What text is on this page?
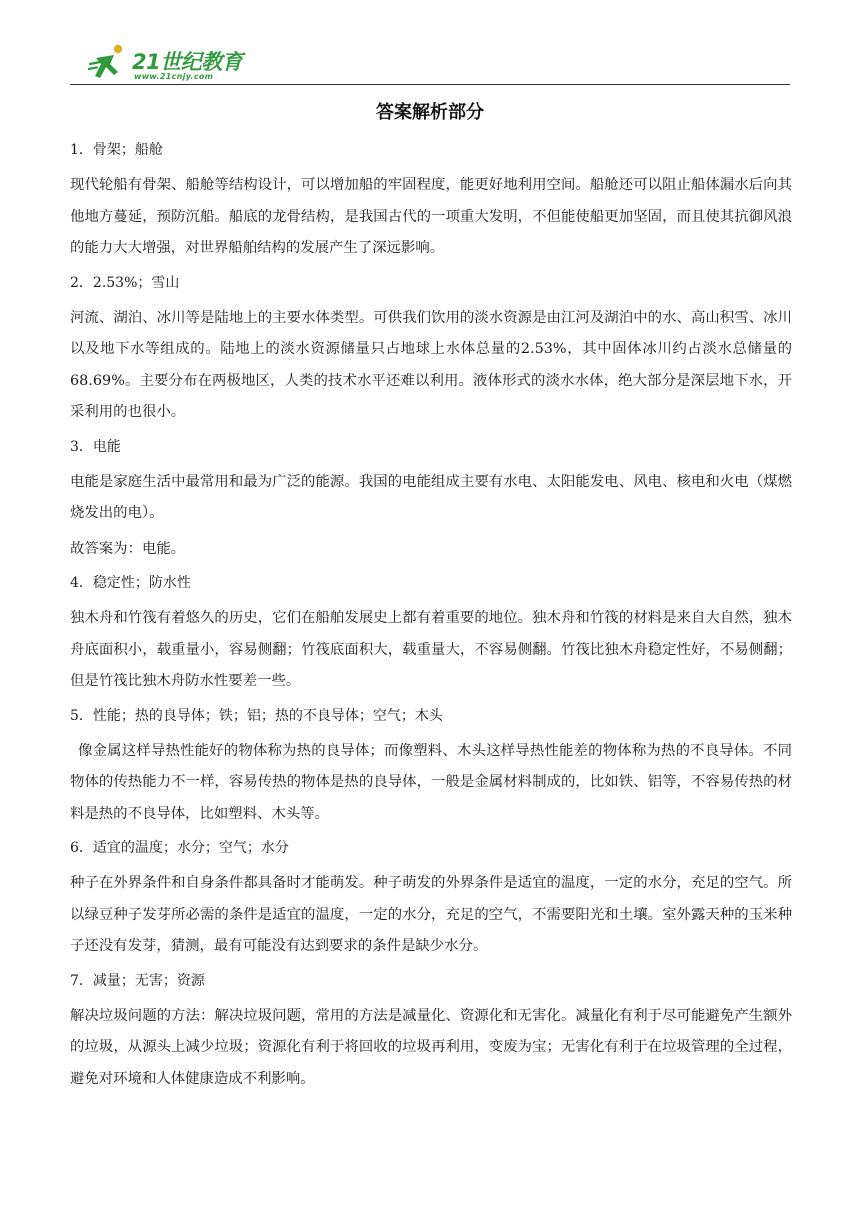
21世纪教育
www.21cnjy.com
答案解析部分
1．骨架；船舱

现代轮船有骨架、船舱等结构设计，可以增加船的牢固程度，能更好地利用空间。船舱还可以阻止船体漏水后向其他地方蔓延，预防沉船。船底的龙骨结构，是我国古代的一项重大发明，不但能使船更加坚固，而且使其抗御风浪的能力大大增强，对世界船舶结构的发展产生了深远影响。

2．2.53%；雪山

河流、湖泊、冰川等是陆地上的主要水体类型。可供我们饮用的淡水资源是由江河及湖泊中的水、高山积雪、冰川以及地下水等组成的。陆地上的淡水资源储量只占地球上水体总量的2.53%，其中固体冰川约占淡水总储量的68.69%。主要分布在两极地区，人类的技术水平还难以利用。液体形式的淡水水体，绝大部分是深层地下水，开采利用的也很小。

3．电能

电能是家庭生活中最常用和最为广泛的能源。我国的电能组成主要有水电、太阳能发电、风电、核电和火电（煤燃烧发出的电）。

故答案为：电能。

4．稳定性；防水性

独木舟和竹筏有着悠久的历史，它们在船舶发展史上都有着重要的地位。独木舟和竹筏的材料是来自大自然，独木舟底面积小，载重量小，容易侧翻；竹筏底面积大，载重量大，不容易侧翻。竹筏比独木舟稳定性好，不易侧翻；但是竹筏比独木舟防水性要差一些。

5．性能；热的良导体；铁；铝；热的不良导体；空气；木头

像金属这样导热性能好的物体称为热的良导体；而像塑料、木头这样导热性能差的物体称为热的不良导体。不同物体的传热能力不一样，容易传热的物体是热的良导体，一般是金属材料制成的，比如铁、铝等，不容易传热的材料是热的不良导体，比如塑料、木头等。

6．适宜的温度；水分；空气；水分

种子在外界条件和自身条件都具备时才能萌发。种子萌发的外界条件是适宜的温度，一定的水分，充足的空气。所以绿豆种子发芽所必需的条件是适宜的温度，一定的水分，充足的空气，不需要阳光和土壤。室外露天种的玉米种子还没有发芽，猜测，最有可能没有达到要求的条件是缺少水分。

7．减量；无害；资源

解决垃圾问题的方法：解决垃圾问题，常用的方法是减量化、资源化和无害化。减量化有利于尽可能避免产生额外的垃圾，从源头上减少垃圾；资源化有利于将回收的垃圾再利用，变废为宝；无害化有利于在垃圾管理的全过程，避免对环境和人体健康造成不利影响。
